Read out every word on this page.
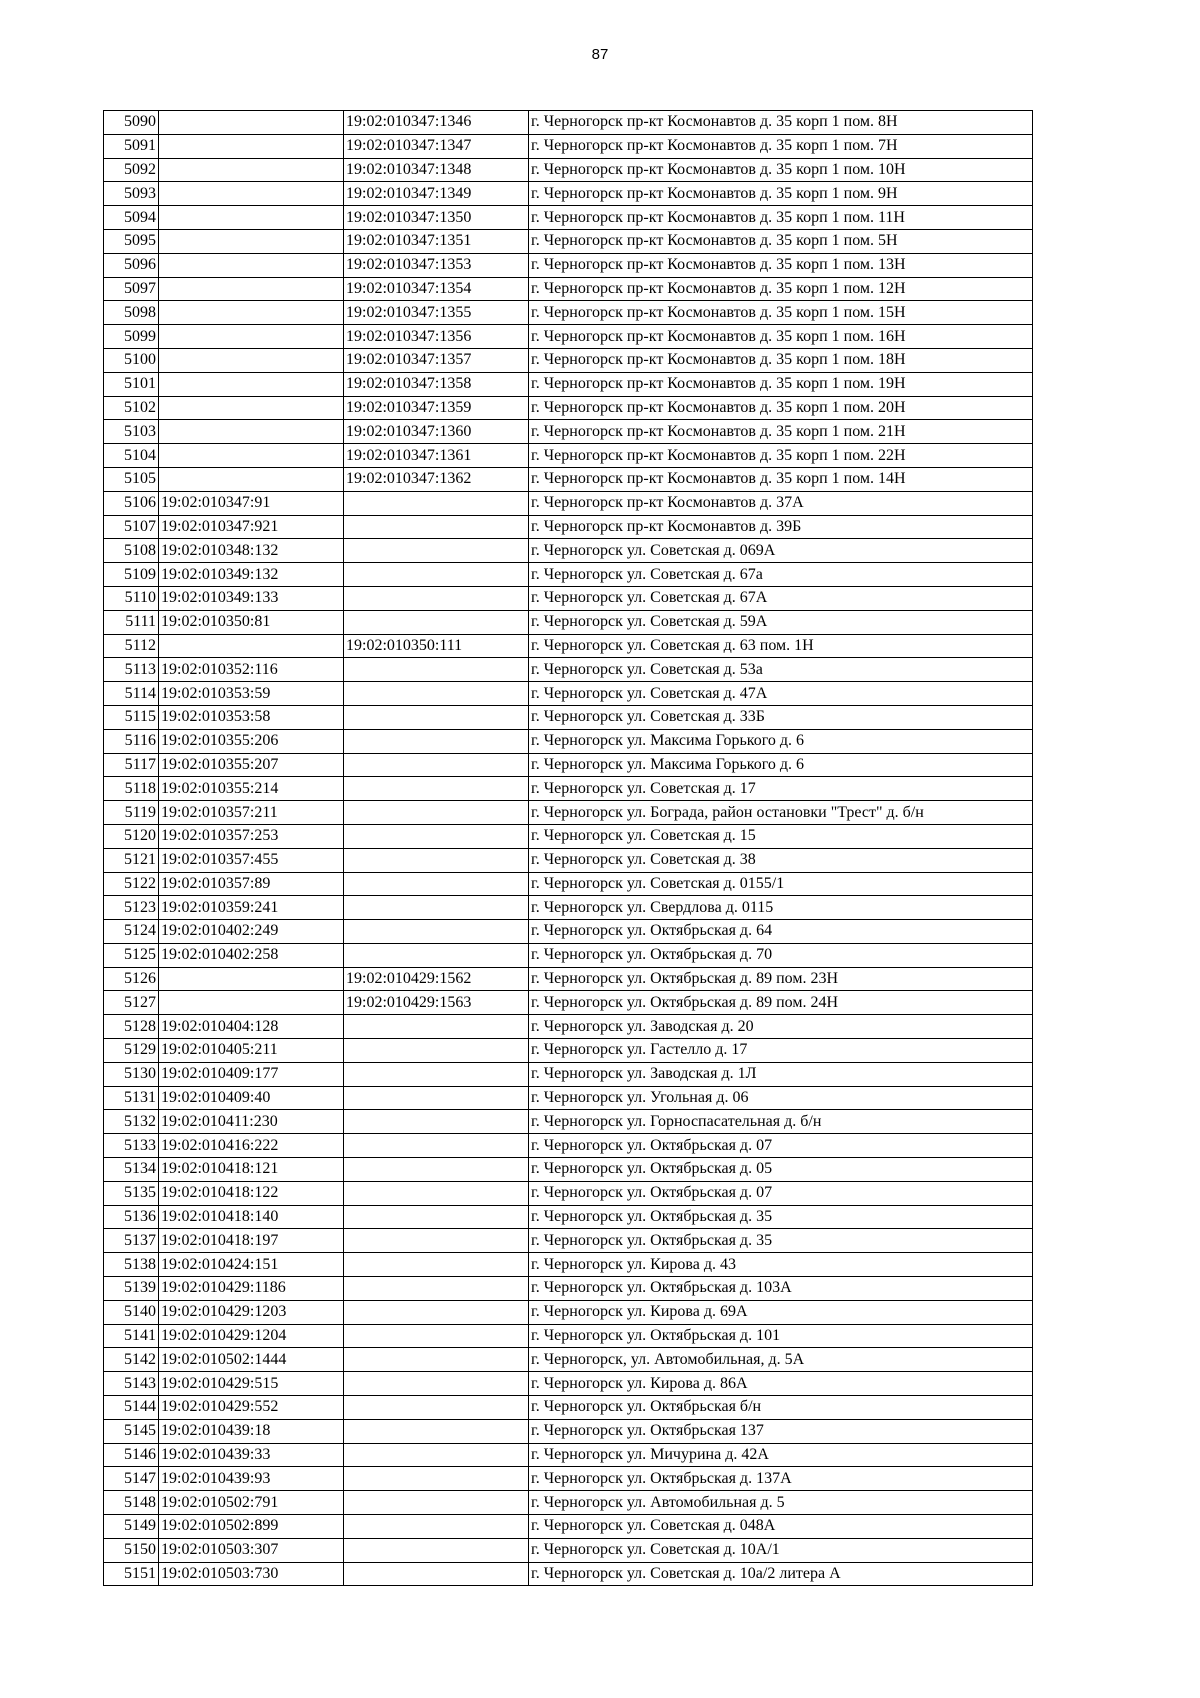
87
5090		19:02:010347:1346	г. Черногорск пр-кт Космонавтов д. 35 корп 1 пом. 8Н
5091		19:02:010347:1347	г. Черногорск пр-кт Космонавтов д. 35 корп 1 пом. 7Н
5092		19:02:010347:1348	г. Черногорск пр-кт Космонавтов д. 35 корп 1 пом. 10Н
5093		19:02:010347:1349	г. Черногорск пр-кт Космонавтов д. 35 корп 1 пом. 9Н
5094		19:02:010347:1350	г. Черногорск пр-кт Космонавтов д. 35 корп 1 пом. 11Н
5095		19:02:010347:1351	г. Черногорск пр-кт Космонавтов д. 35 корп 1 пом. 5Н
5096		19:02:010347:1353	г. Черногорск пр-кт Космонавтов д. 35 корп 1 пом. 13Н
5097		19:02:010347:1354	г. Черногорск пр-кт Космонавтов д. 35 корп 1 пом. 12Н
5098		19:02:010347:1355	г. Черногорск пр-кт Космонавтов д. 35 корп 1 пом. 15Н
5099		19:02:010347:1356	г. Черногорск пр-кт Космонавтов д. 35 корп 1 пом. 16Н
5100		19:02:010347:1357	г. Черногорск пр-кт Космонавтов д. 35 корп 1 пом. 18Н
5101		19:02:010347:1358	г. Черногорск пр-кт Космонавтов д. 35 корп 1 пом. 19Н
5102		19:02:010347:1359	г. Черногорск пр-кт Космонавтов д. 35 корп 1 пом. 20Н
5103		19:02:010347:1360	г. Черногорск пр-кт Космонавтов д. 35 корп 1 пом. 21Н
5104		19:02:010347:1361	г. Черногорск пр-кт Космонавтов д. 35 корп 1 пом. 22Н
5105		19:02:010347:1362	г. Черногорск пр-кт Космонавтов д. 35 корп 1 пом. 14Н
5106	19:02:010347:91		г. Черногорск пр-кт Космонавтов д. 37А
5107	19:02:010347:921		г. Черногорск пр-кт Космонавтов д. 39Б
5108	19:02:010348:132		г. Черногорск ул. Советская д. 069А
5109	19:02:010349:132		г. Черногорск ул. Советская д. 67а
5110	19:02:010349:133		г. Черногорск ул. Советская д. 67А
5111	19:02:010350:81		г. Черногорск ул. Советская д. 59А
5112		19:02:010350:111	г. Черногорск ул. Советская д. 63 пом. 1Н
5113	19:02:010352:116		г. Черногорск ул. Советская д. 53а
5114	19:02:010353:59		г. Черногорск ул. Советская д. 47А
5115	19:02:010353:58		г. Черногорск ул. Советская д. 33Б
5116	19:02:010355:206		г. Черногорск ул. Максима Горького д. 6
5117	19:02:010355:207		г. Черногорск ул. Максима Горького д. 6
5118	19:02:010355:214		г. Черногорск ул. Советская д. 17
5119	19:02:010357:211		г. Черногорск ул. Бограда, район остановки "Трест" д. б/н
5120	19:02:010357:253		г. Черногорск ул. Советская д. 15
5121	19:02:010357:455		г. Черногорск ул. Советская д. 38
5122	19:02:010357:89		г. Черногорск ул. Советская д. 0155/1
5123	19:02:010359:241		г. Черногорск ул. Свердлова д. 0115
5124	19:02:010402:249		г. Черногорск ул. Октябрьская д. 64
5125	19:02:010402:258		г. Черногорск ул. Октябрьская д. 70
5126		19:02:010429:1562	г. Черногорск ул. Октябрьская д. 89 пом. 23Н
5127		19:02:010429:1563	г. Черногорск ул. Октябрьская д. 89 пом. 24Н
5128	19:02:010404:128		г. Черногорск ул. Заводская д. 20
5129	19:02:010405:211		г. Черногорск ул. Гастелло д. 17
5130	19:02:010409:177		г. Черногорск ул. Заводская д. 1Л
5131	19:02:010409:40		г. Черногорск ул. Угольная д. 06
5132	19:02:010411:230		г. Черногорск ул. Горноспасательная д. б/н
5133	19:02:010416:222		г. Черногорск ул. Октябрьская д. 07
5134	19:02:010418:121		г. Черногорск ул. Октябрьская д. 05
5135	19:02:010418:122		г. Черногорск ул. Октябрьская д. 07
5136	19:02:010418:140		г. Черногорск ул. Октябрьская д. 35
5137	19:02:010418:197		г. Черногорск ул. Октябрьская д. 35
5138	19:02:010424:151		г. Черногорск ул. Кирова д. 43
5139	19:02:010429:1186		г. Черногорск ул. Октябрьская д. 103А
5140	19:02:010429:1203		г. Черногорск ул. Кирова д. 69А
5141	19:02:010429:1204		г. Черногорск ул. Октябрьская д. 101
5142	19:02:010502:1444		г. Черногорск, ул. Автомобильная, д. 5А
5143	19:02:010429:515		г. Черногорск ул. Кирова д. 86А
5144	19:02:010429:552		г. Черногорск ул. Октябрьская б/н
5145	19:02:010439:18		г. Черногорск ул. Октябрьская 137
5146	19:02:010439:33		г. Черногорск ул. Мичурина д. 42А
5147	19:02:010439:93		г. Черногорск ул. Октябрьская д. 137А
5148	19:02:010502:791		г. Черногорск ул. Автомобильная д. 5
5149	19:02:010502:899		г. Черногорск ул. Советская д. 048А
5150	19:02:010503:307		г. Черногорск ул. Советская д. 10А/1
5151	19:02:010503:730		г. Черногорск ул. Советская д. 10а/2 литера А
